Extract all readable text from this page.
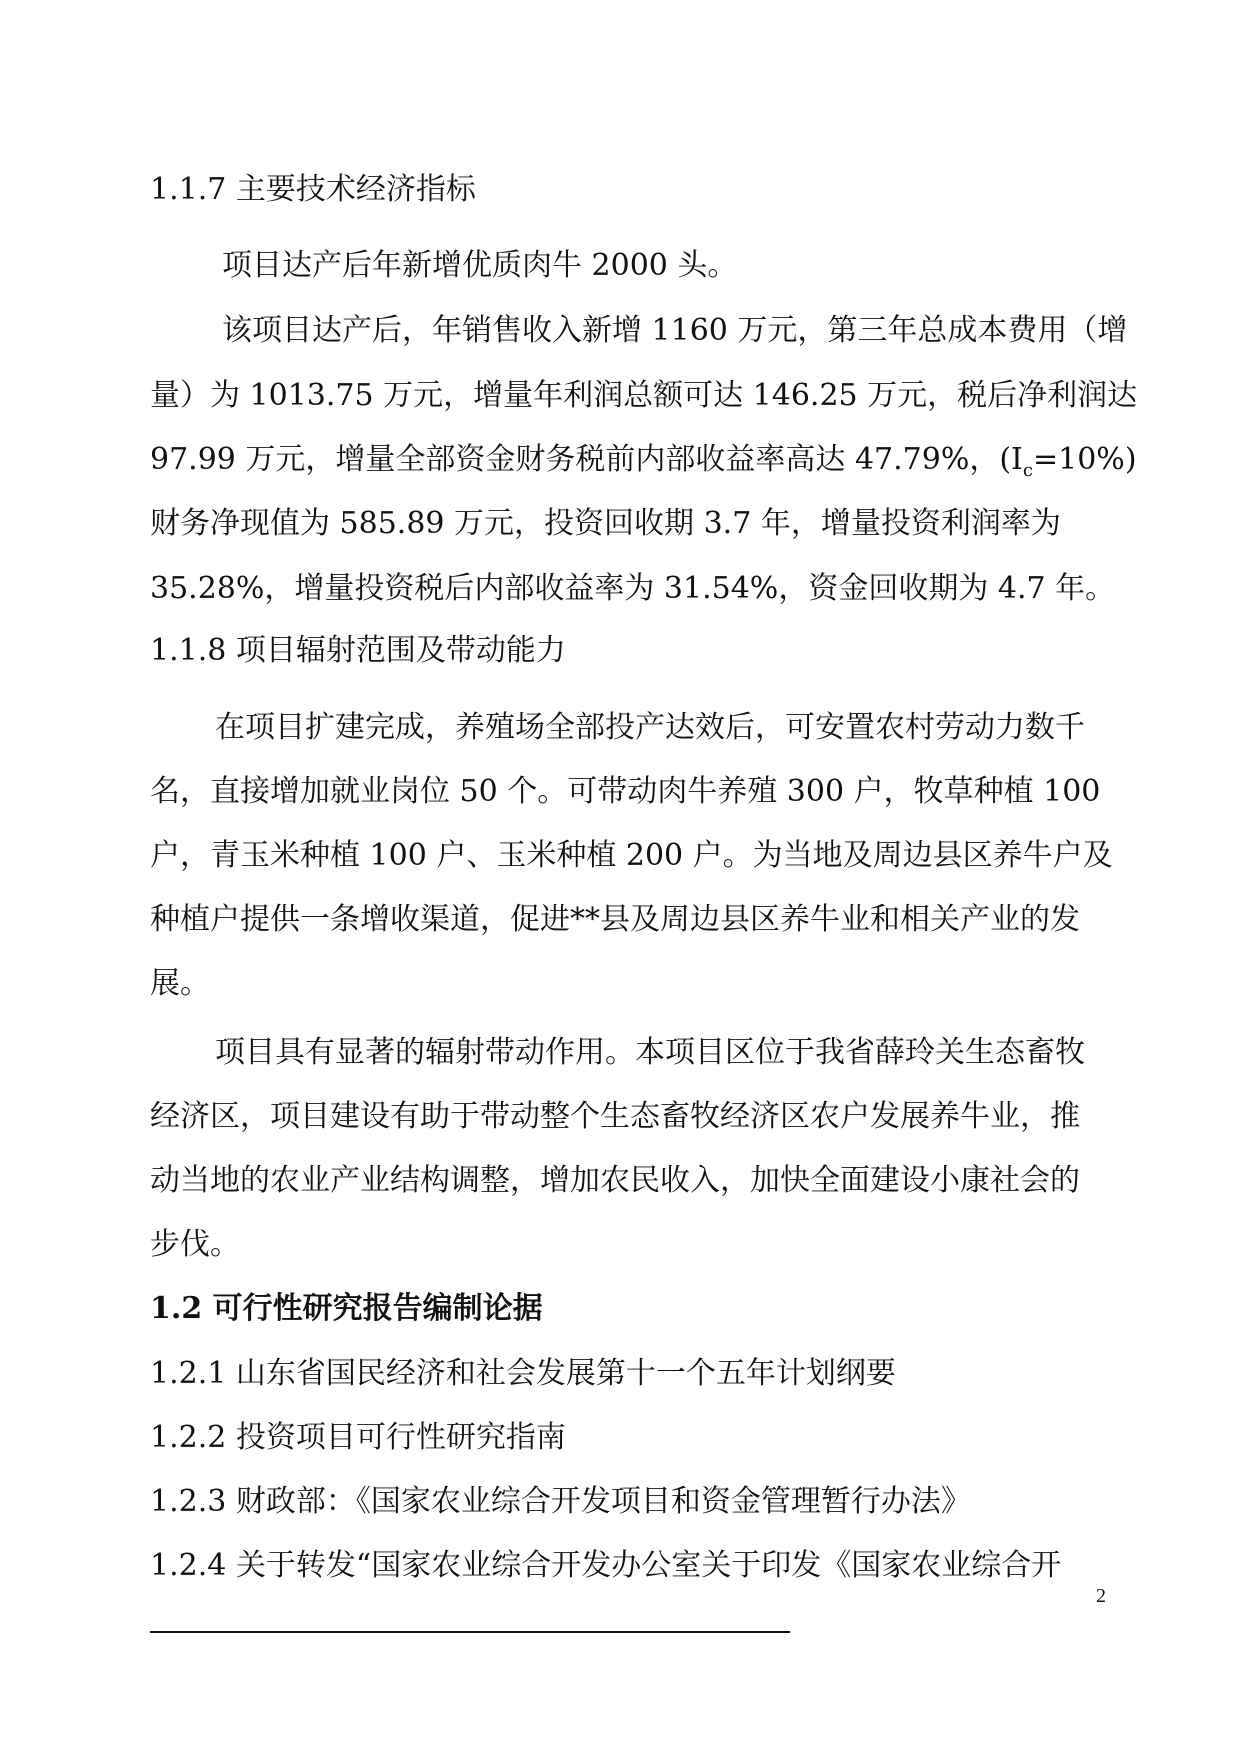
1.1.7 主要技术经济指标
项目达产后年新增优质肉牛 2000 头。
该项目达产后，年销售收入新增 1160 万元，第三年总成本费用（增
量）为 1013.75 万元，增量年利润总额可达 146.25 万元，税后净利润达
97.99 万元，增量全部资金财务税前内部收益率高达 47.79%，$(I_c=10\%)$
财务净现值为 585.89 万元，投资回收期 3.7 年，增量投资利润率为
35.28%，增量投资税后内部收益率为 31.54%，资金回收期为 4.7 年。
1.1.8 项目辐射范围及带动能力
在项目扩建完成，养殖场全部投产达效后，可安置农村劳动力数千
名，直接增加就业岗位 50 个。可带动肉牛养殖 300 户，牧草种植 100
户，青玉米种植 100 户、玉米种植 200 户。为当地及周边县区养牛户及
种植户提供一条增收渠道，促进**县及周边县区养牛业和相关产业的发
展。
项目具有显著的辐射带动作用。本项目区位于我省薛玲关生态畜牧
经济区，项目建设有助于带动整个生态畜牧经济区农户发展养牛业，推
动当地的农业产业结构调整，增加农民收入，加快全面建设小康社会的
步伐。
1.2 可行性研究报告编制论据
1.2.1 山东省国民经济和社会发展第十一个五年计划纲要
1.2.2 投资项目可行性研究指南
1.2.3 财政部：《国家农业综合开发项目和资金管理暂行办法》
1.2.4 关于转发“国家农业综合开发办公室关于印发《国家农业综合开
2
